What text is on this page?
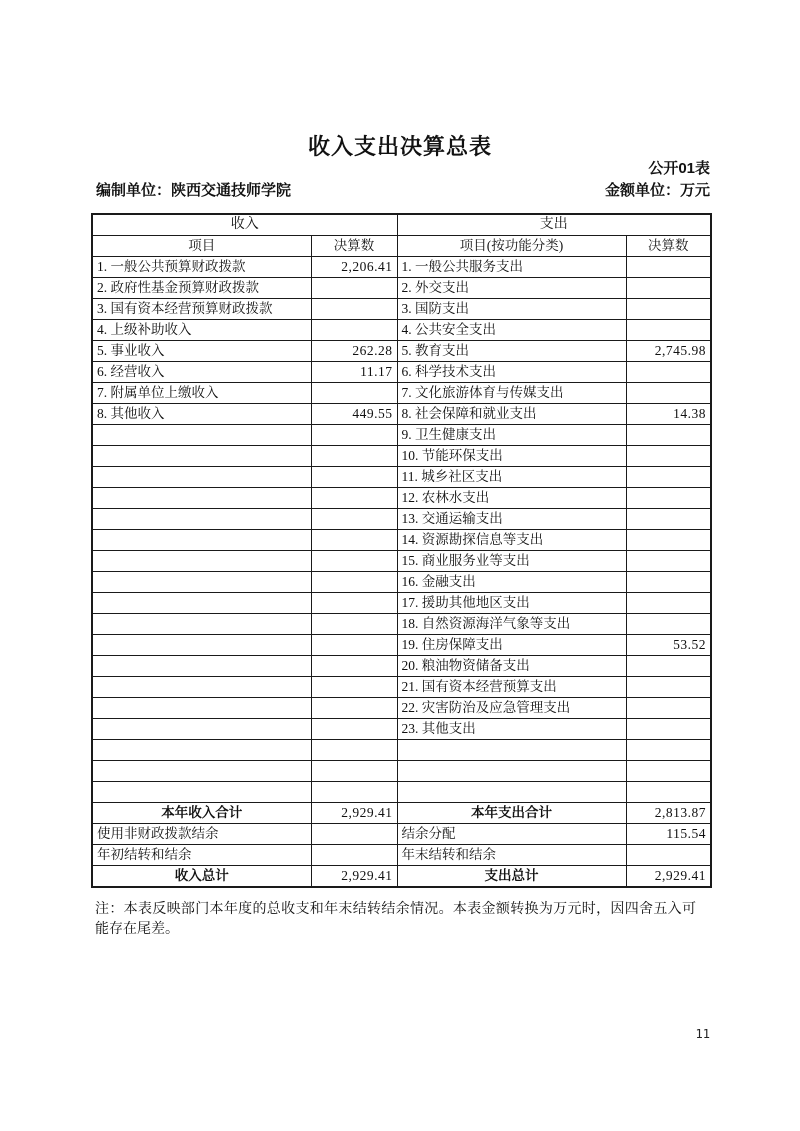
收入支出决算总表
公开01表
编制单位：陕西交通技师学院	金额单位：万元
收入		支出	
项目	决算数	项目(按功能分类)	决算数
1. 一般公共预算财政拨款	2,206.41	1. 一般公共服务支出	
2. 政府性基金预算财政拨款		2. 外交支出	
3. 国有资本经营预算财政拨款		3. 国防支出	
4. 上级补助收入		4. 公共安全支出	
5. 事业收入	262.28	5. 教育支出	2,745.98
6. 经营收入	11.17	6. 科学技术支出	
7. 附属单位上缴收入		7. 文化旅游体育与传媒支出	
8. 其他收入	449.55	8. 社会保障和就业支出	14.38
		9. 卫生健康支出	
		10. 节能环保支出	
		11. 城乡社区支出	
		12. 农林水支出	
		13. 交通运输支出	
		14. 资源勘探信息等支出	
		15. 商业服务业等支出	
		16. 金融支出	
		17. 援助其他地区支出	
		18. 自然资源海洋气象等支出	
		19. 住房保障支出	53.52
		20. 粮油物资储备支出	
		21. 国有资本经营预算支出	
		22. 灾害防治及应急管理支出	
		23. 其他支出	

本年收入合计	2,929.41	本年支出合计	2,813.87
使用非财政拨款结余		结余分配	115.54
年初结转和结余		年末结转和结余	
收入总计	2,929.41	支出总计	2,929.41
注：本表反映部门本年度的总收支和年末结转结余情况。本表金额转换为万元时，因四舍五入可能存在尾差。
11
